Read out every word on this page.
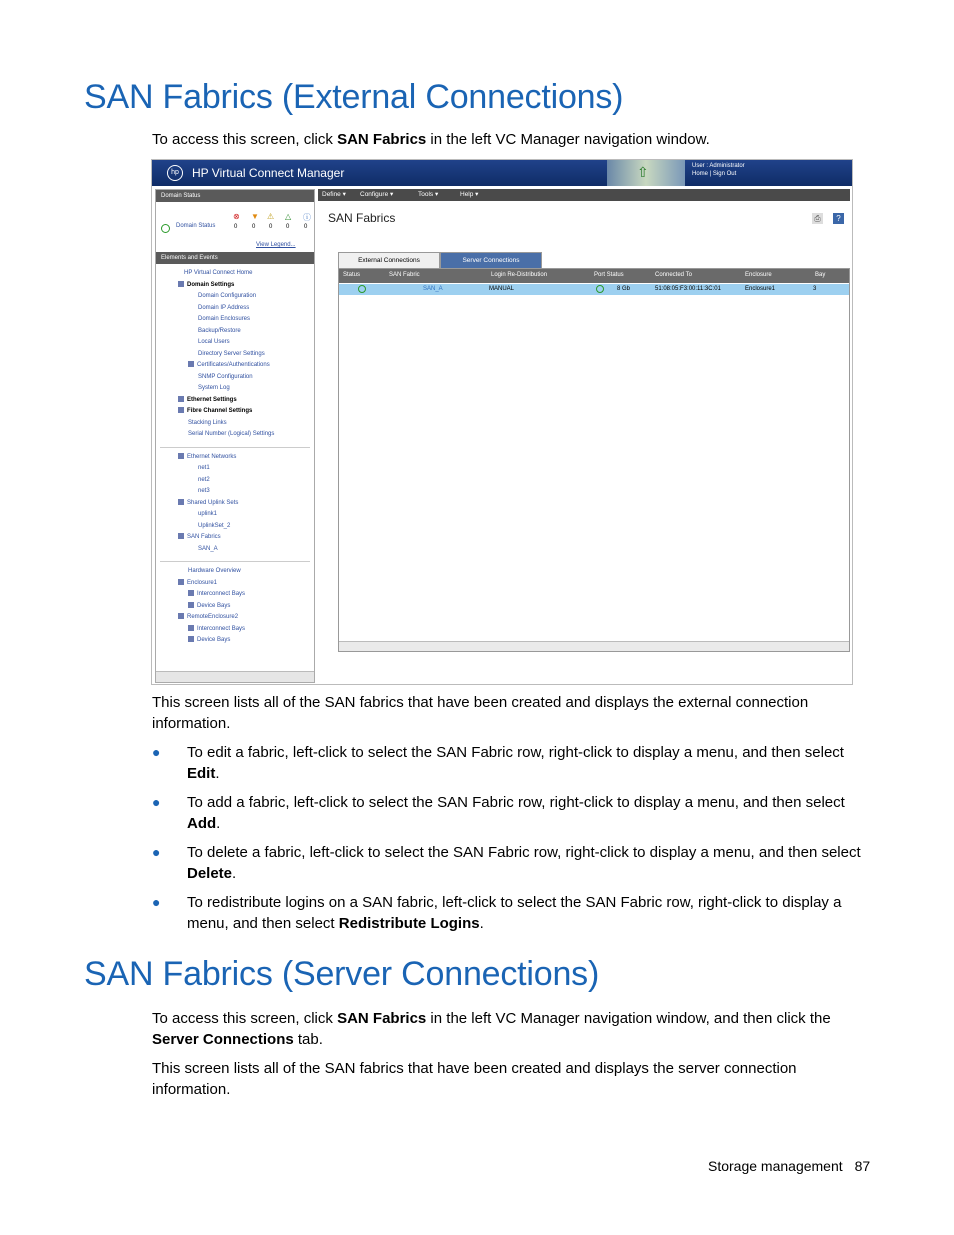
SAN Fabrics (External Connections)

To access this screen, click SAN Fabrics in the left VC Manager navigation window.

hp	HP Virtual Connect Manager	⇧	User : Administrator
Home | Sign Out
Domain Status
Domain Status
⊗ ▼ ⚠ △ ⓘ
0 0 0 0 0
View Legend...
Elements and Events
HP Virtual Connect Home
Domain Settings
Domain Configuration
Domain IP Address
Domain Enclosures
Backup/Restore
Local Users
Directory Server Settings
Certificates/Authentications
SNMP Configuration
System Log
Ethernet Settings
Fibre Channel Settings
Stacking Links
Serial Number (Logical) Settings
Ethernet Networks
net1
net2
net3
Shared Uplink Sets
uplink1
UplinkSet_2
SAN Fabrics
SAN_A
Hardware Overview
Enclosure1
Interconnect Bays
Device Bays
RemoteEnclosure2
Interconnect Bays
Device Bays
Define ▾ Configure ▾	Tools ▾	Help ▾
SAN Fabrics	⎙ ?
External Connections	Server Connections
Status	SAN Fabric	Login Re-Distribution	Port Status	Connected To	Enclosure	Bay
SAN_A	MANUAL	8 Gb	51:08:05:F3:00:11:3C:01	Enclosure1	3

This screen lists all of the SAN fabrics that have been created and displays the external connection information.

● To edit a fabric, left-click to select the SAN Fabric row, right-click to display a menu, and then select Edit.
● To add a fabric, left-click to select the SAN Fabric row, right-click to display a menu, and then select Add.
● To delete a fabric, left-click to select the SAN Fabric row, right-click to display a menu, and then select Delete.
● To redistribute logins on a SAN fabric, left-click to select the SAN Fabric row, right-click to display a menu, and then select Redistribute Logins.
SAN Fabrics (Server Connections)

To access this screen, click SAN Fabrics in the left VC Manager navigation window, and then click the Server Connections tab.

This screen lists all of the SAN fabrics that have been created and displays the server connection information.

Storage management 87
